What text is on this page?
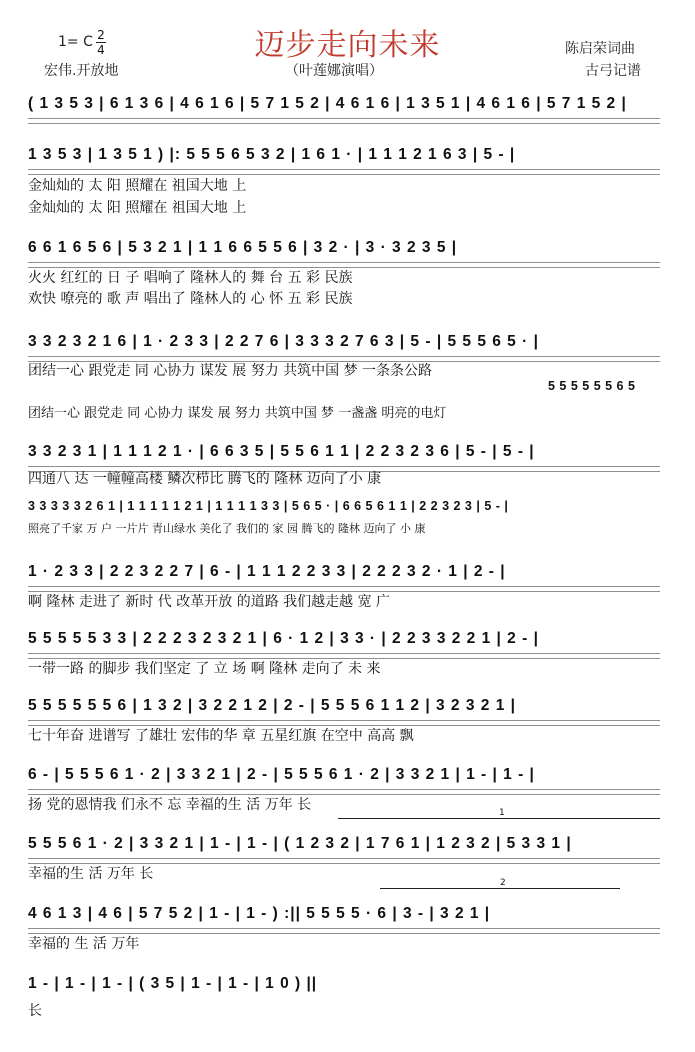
1= C 2
4	迈步走向未来	陈启荣词曲
宏伟.开放地	（叶莲娜演唱）	古弓记谱
( 1 3 5 3 | 6 1 3 6 | 4 6 1 6 | 5 7 1 5 2 | 4 6 1 6 | 1 3 5 1 | 4 6 1 6 | 5 7 1 5 2 |
1 3 5 3 | 1 3 5 1 ) |: 5 5 5 6 5 3 2 | 1 6 1 · | 1 1 1 2 1 6 3 | 5 - |
金灿灿的 太 阳 照耀在 祖国大地 上
金灿灿的 太 阳 照耀在 祖国大地 上
6 6 1 6 5 6 | 5 3 2 1 | 1 1 6 6 5 5 6 | 3 2 · | 3 · 3 2 3 5 |
火火 红红的 日 子 唱响了 隆林人的 舞 台 五 彩 民族
欢快 嘹亮的 歌 声 唱出了 隆林人的 心 怀 五 彩 民族
3 3 2 3 2 1 6 | 1 · 2 3 3 | 2 2 7 6 | 3 3 3 2 7 6 3 | 5 - | 5 5 5 6 5 · |
团结一心 跟党走 同 心协力 谋发 展 努力 共筑中国 梦 一条条公路
5 5 5 5 5 5 6 5
团结一心 跟党走 同 心协力 谋发 展 努力 共筑中国 梦 一盏盏 明亮的电灯
3 3 2 3 1 | 1 1 1 2 1 · | 6 6 3 5 | 5 5 6 1 1 | 2 2 3 2 3 6 | 5 - | 5 - |
四通八 达 一幢幢高楼 鳞次栉比 腾飞的 隆林 迈向了小 康
3 3 3 3 3 2 6 1 | 1 1 1 1 1 2 1 | 1 1 1 1 3 3 | 5 6 5 · | 6 6 5 6 1 1 | 2 2 3 2 3 | 5 - |
照亮了千家 万 户 一片片 青山绿水 美化了 我们的 家 园 腾飞的 隆林 迈向了 小 康
1 · 2 3 3 | 2 2 3 2 2 7 | 6 - | 1 1 1 2 2 3 3 | 2 2 2 3 2 · 1 | 2 - |
啊 隆林 走进了 新时 代 改革开放 的道路 我们越走越 宽 广
5 5 5 5 5 3 3 | 2 2 2 3 2 3 2 1 | 6 · 1 2 | 3 3 · | 2 2 3 3 2 2 1 | 2 - |
一带一路 的脚步 我们坚定 了 立 场 啊 隆林 走向了 未 来
5 5 5 5 5 5 6 | 1 3 2 | 3 2 2 1 2 | 2 - | 5 5 5 6 1 1 2 | 3 2 3 2 1 |
七十年奋 进谱写 了雄壮 宏伟的华 章 五星红旗 在空中 高高 飘
6 - | 5 5 5 6 1 · 2 | 3 3 2 1 | 2 - | 5 5 5 6 1 · 2 | 3 3 2 1 | 1 - | 1 - |
扬 党的恩情我 们永不 忘 幸福的生 活 万年 长	1
5 5 5 6 1 · 2 | 3 3 2 1 | 1 - | 1 - | ( 1 2 3 2 | 1 7 6 1 | 1 2 3 2 | 5 3 3 1 |
幸福的生 活 万年 长
2
4 6 1 3 | 4 6 | 5 7 5 2 | 1 - | 1 - ) :|| 5 5 5 5 · 6 | 3 - | 3 2 1 |
幸福的 生 活 万年
1 - | 1 - | 1 - | ( 3 5 | 1 - | 1 - | 1 0 ) ||
长
